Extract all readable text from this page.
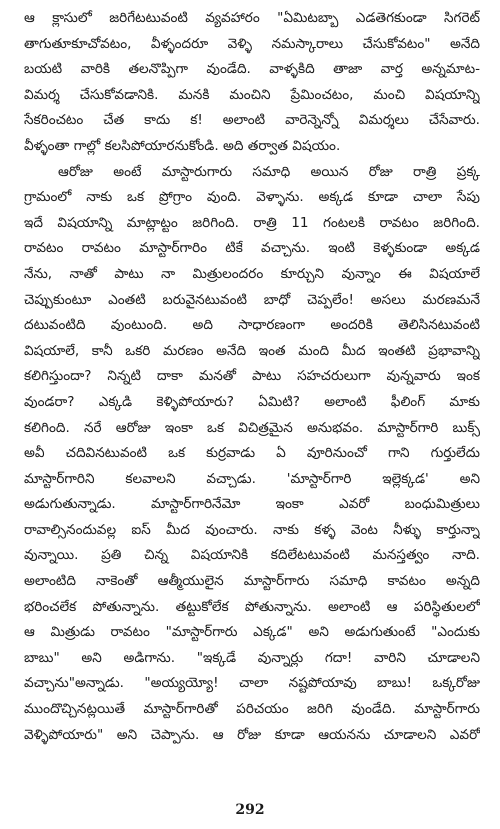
ఆ క్లాసులో జరిగేటటువంటి వ్యవహారం "ఏమిటబ్బా ఎడతెగకుండా సిగరెట్
తాగుతూకూచోవటం, వీళ్ళందరూ వెళ్ళి నమస్కారాలు చేసుకోవటం" అనేది
బయటి వారికి తలనొప్పిగా వుండేది. వాళ్ళకిది తాజా వార్త అన్నమాట-
విమర్శ చేసుకోవడానికి. మనకి మంచిని ప్రేమించటం, మంచి విషయాన్ని
సేకరించటం చేత కాదు క! అలాంటి వారెన్నెన్నో విమర్శలు చేసేవారు.
వీళ్ళంతా గాల్లో కలసిపోయారనుకోండి. అది తర్వాత విషయం.
ఆరోజు అంటే మాస్టారుగారు సమాధి అయిన రోజు రాత్రి ప్రక్క
గ్రామంలో నాకు ఒక ప్రోగ్రాం వుంది. వెళ్ళాను. అక్కడ కూడా చాలా సేపు
ఇదే విషయాన్ని మాట్లాట్టం జరిగింది. రాత్రి 11 గంటలకి రావటం జరిగింది.
రావటం రావటం మాస్టార్‌గారిం టికే వచ్చాను. ఇంటి కెళ్ళకుండా అక్కడ
నేను, నాతో పాటు నా మిత్రులందరం కూర్చుని వున్నాం ఈ విషయాలే
చెప్పుకుంటూ ఎంతటి బరువైనటువంటి బాధో చెప్పలేం! అసలు మరణమనే
దటువంటిది వుంటుంది. అది సాధారణంగా అందరికి తెలిసినటువంటి
విషయాలే, కానీ ఒకరి మరణం అనేది ఇంత మంది మీద ఇంతటి ప్రభావాన్ని
కలిగిస్తుందా? నిన్నటి దాకా మనతో పాటు సహచరులుగా వున్నవారు ఇంక
వుండరా? ఎక్కడి కెళ్ళిపోయారు? ఏమిటి? అలాంటి ఫీలింగ్ మాకు
కలిగింది. నరే ఆరోజు ఇంకా ఒక విచిత్రమైన అనుభవం. మాస్టార్‌గారి బుక్స్
అవీ చదివినటువంటి ఒక కుర్రవాడు ఏ వూరినుంచో గాని గుర్తులేదు
మాస్టార్‌గారిని కలవాలని వచ్చాడు. 'మాస్టార్‌గారి ఇల్లెక్కడ' అని
అడుగుతున్నాడు. మాస్టార్‌గారినేమో ఇంకా ఎవరో బంధుమిత్రులు
రావాల్సినందువల్ల ఐస్ మీద వుంచారు. నాకు కళ్ళ వెంట నీళ్ళు కార్తున్నా
వున్నాయి. ప్రతి చిన్న విషయానికి కదిలేటటువంటి మనస్తత్వం నాది.
అలాంటిది నాకెంతో ఆత్మీయులైన మాస్టార్‌గారు సమాధి కావటం అన్నది
భరించలేక పోతున్నాను. తట్టుకోలేక పోతున్నాను. అలాంటి ఆ పరిస్థితులలో
ఆ మిత్రుడు రావటం "మాస్టార్‌గారు ఎక్కడ" అని అడుగుతుంటే "ఎందుకు
బాబు" అని అడిగాను. "ఇక్కడే వున్నార్లు గదా! వారిని చూడాలని
వచ్చాను"అన్నాడు. "అయ్యయ్యో! చాలా నష్టపోయావు బాబు! ఒక్కరోజు
ముందొచ్చినట్లయితే మాస్టార్‌గారితో పరిచయం జరిగి వుండేది. మాస్టార్‌గారు
వెళ్ళిపోయారు" అని చెప్పాను. ఆ రోజు కూడా ఆయనను చూడాలని ఎవరో
292
